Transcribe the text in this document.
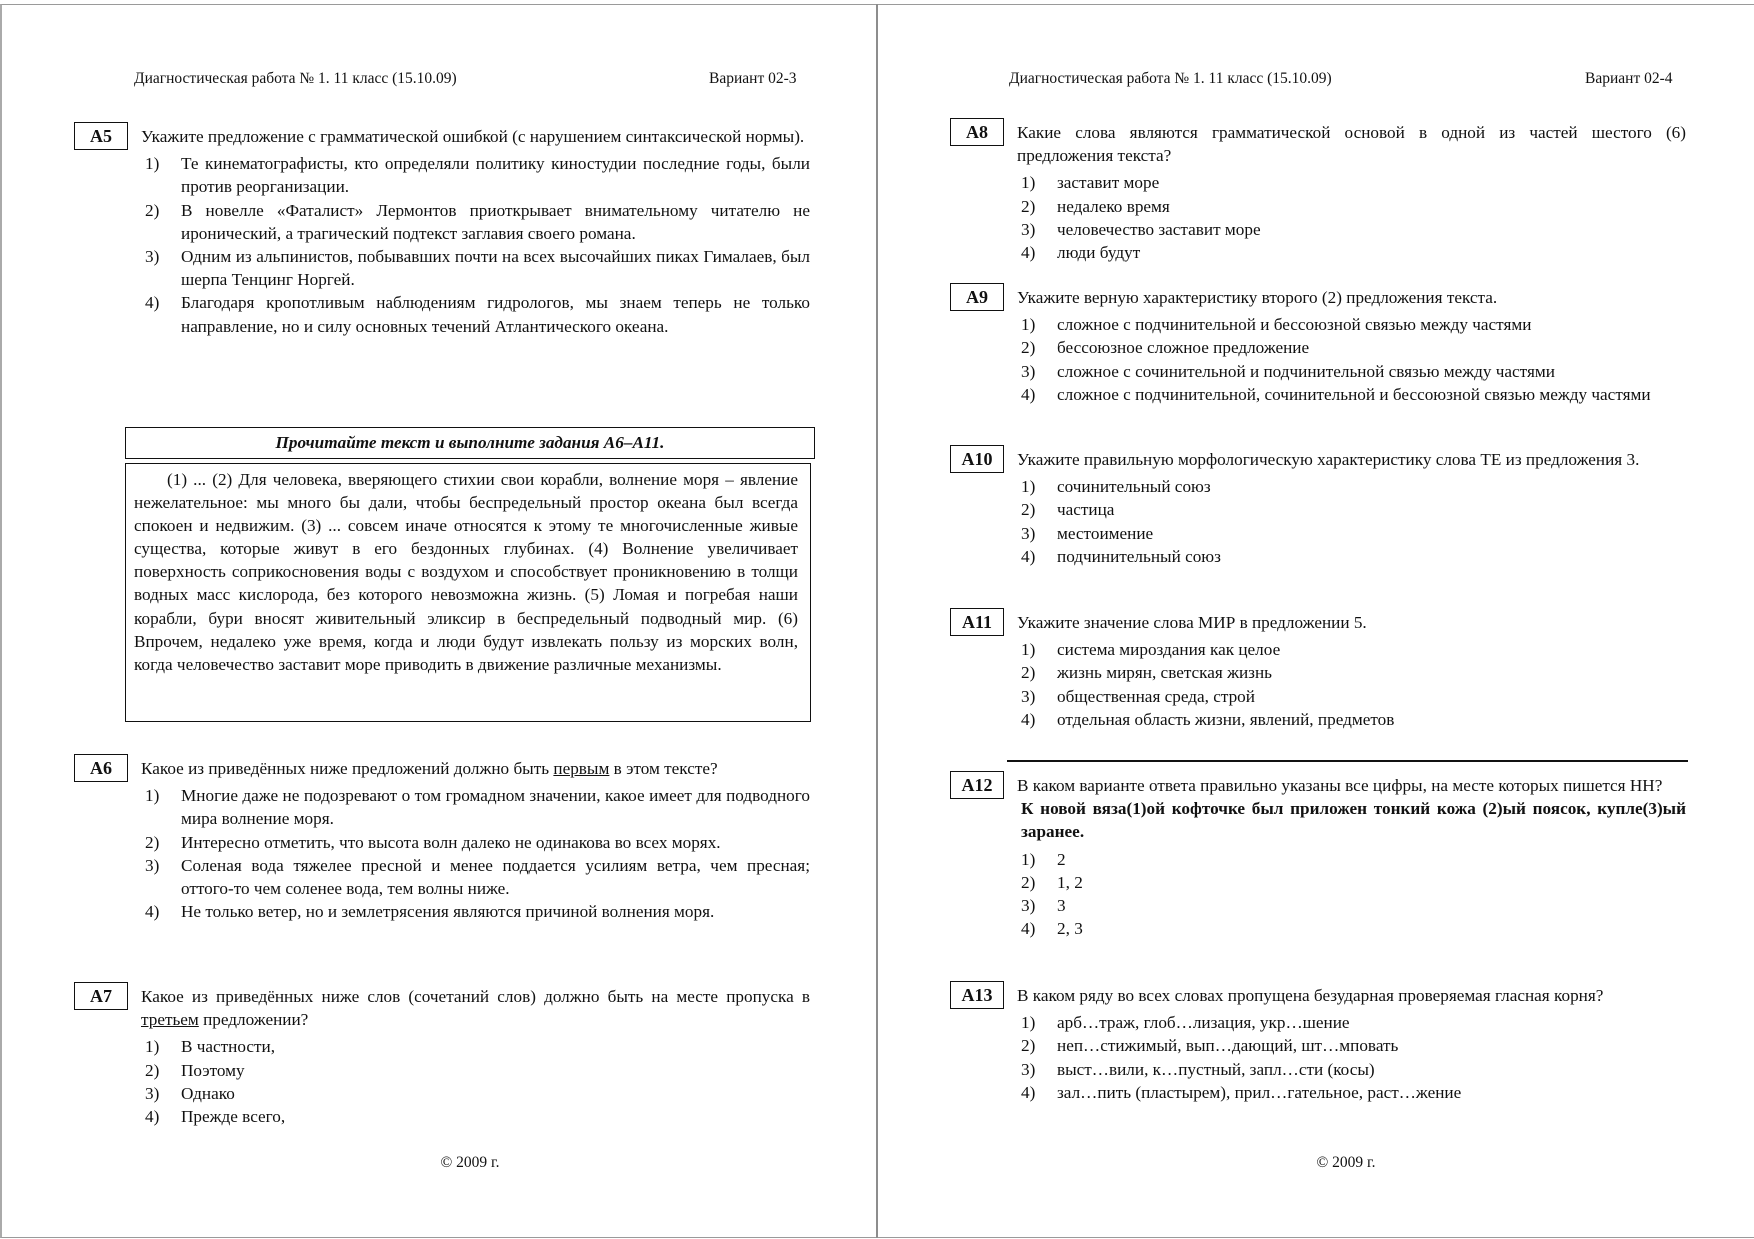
Диагностическая работа № 1. 11 класс (15.10.09)	Вариант 02-3
А5	Укажите предложение с грамматической ошибкой (с нарушением синтаксической нормы).
1)	Те кинематографисты, кто определяли политику киностудии последние годы, были против реорганизации.
2)	В новелле «Фаталист» Лермонтов приоткрывает внимательному читателю не иронический, а трагический подтекст заглавия своего романа.
3)	Одним из альпинистов, побывавших почти на всех высочайших пиках Гималаев, был шерпа Тенцинг Норгей.
4)	Благодаря кропотливым наблюдениям гидрологов, мы знаем теперь не только направление, но и силу основных течений Атлантического океана.
Прочитайте текст и выполните задания А6–А11.
(1) ... (2) Для человека, вверяющего стихии свои корабли, волнение моря – явление нежелательное: мы много бы дали, чтобы беспредельный простор океана был всегда спокоен и недвижим. (3) ... совсем иначе относятся к этому те многочисленные живые существа, которые живут в его бездонных глубинах. (4) Волнение увеличивает поверхность соприкосновения воды с воздухом и способствует проникновению в толщи водных масс кислорода, без которого невозможна жизнь. (5) Ломая и погребая наши корабли, бури вносят живительный эликсир в беспредельный подводный мир. (6) Впрочем, недалеко уже время, когда и люди будут извлекать пользу из морских волн, когда человечество заставит море приводить в движение различные механизмы.
А6	Какое из приведённых ниже предложений должно быть первым в этом тексте?
1)	Многие даже не подозревают о том громадном значении, какое имеет для подводного мира волнение моря.
2)	Интересно отметить, что высота волн далеко не одинакова во всех морях.
3)	Соленая вода тяжелее пресной и менее поддается усилиям ветра, чем пресная; оттого-то чем соленее вода, тем волны ниже.
4)	Не только ветер, но и землетрясения являются причиной волнения моря.
А7	Какое из приведённых ниже слов (сочетаний слов) должно быть на месте пропуска в третьем предложении?
1)	В частности,
2)	Поэтому
3)	Однако
4)	Прежде всего,
© 2009 г.
Диагностическая работа № 1. 11 класс (15.10.09)	Вариант 02-4
А8	Какие слова являются грамматической основой в одной из частей шестого (6) предложения текста?
1)	заставит море
2)	недалеко время
3)	человечество заставит море
4)	люди будут
А9	Укажите верную характеристику второго (2) предложения текста.
1)	сложное с подчинительной и бессоюзной связью между частями
2)	бессоюзное сложное предложение
3)	сложное с сочинительной и подчинительной связью между частями
4)	сложное с подчинительной, сочинительной и бессоюзной связью между частями
А10	Укажите правильную морфологическую характеристику слова ТЕ из предложения 3.
1)	сочинительный союз
2)	частица
3)	местоимение
4)	подчинительный союз
А11	Укажите значение слова МИР в предложении 5.
1)	система мироздания как целое
2)	жизнь мирян, светская жизнь
3)	общественная среда, строй
4)	отдельная область жизни, явлений, предметов
А12	В каком варианте ответа правильно указаны все цифры, на месте которых пишется НН?
К новой вяза(1)ой кофточке был приложен тонкий кожа (2)ый поясок, купле(3)ый заранее.
1)	2
2)	1, 2
3)	3
4)	2, 3
А13	В каком ряду во всех словах пропущена безударная проверяемая гласная корня?
1)	арб…траж, глоб…лизация, укр…шение
2)	неп…стижимый, вып…дающий, шт…мповать
3)	выст…вили, к…пустный, запл…сти (косы)
4)	зал…пить (пластырем), прил…гательное, раст…жение
© 2009 г.
